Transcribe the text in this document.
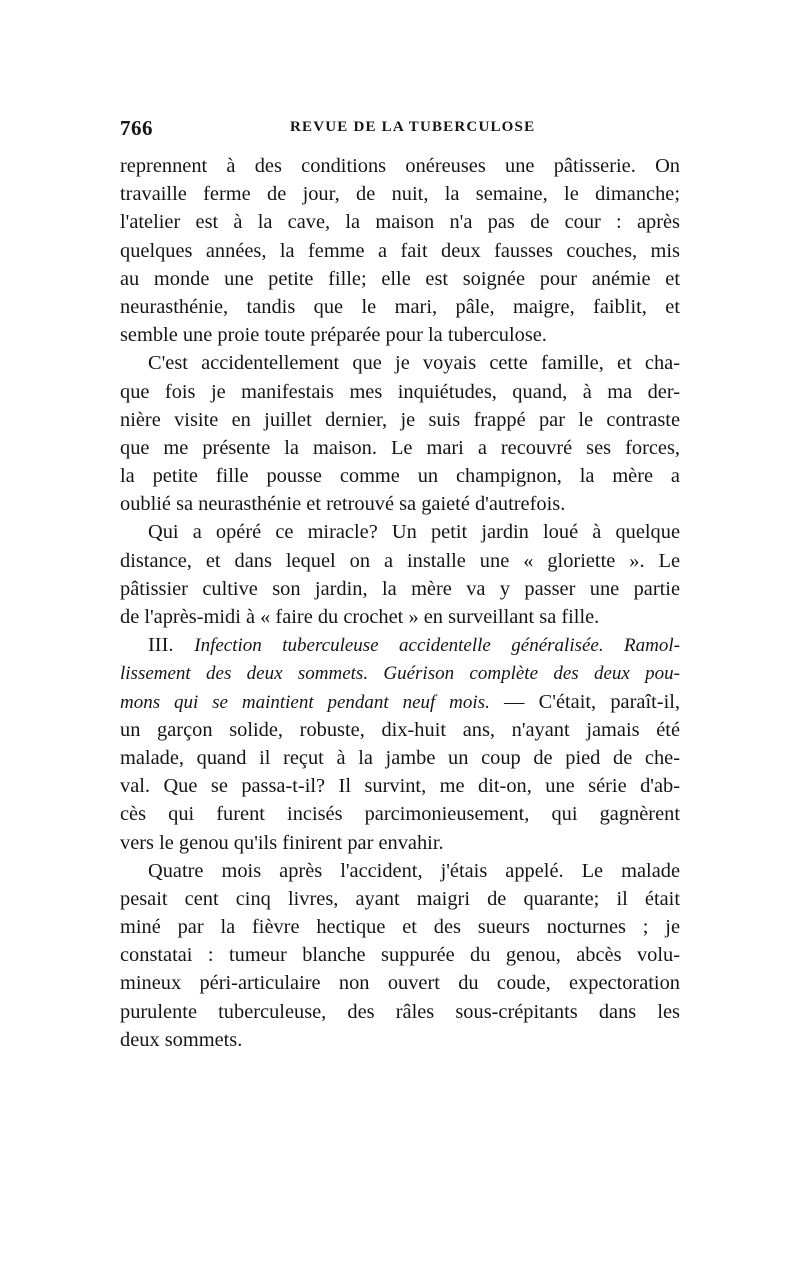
766	REVUE DE LA TUBERCULOSE
reprennent à des conditions onéreuses une pâtisserie. On
travaille ferme de jour, de nuit, la semaine, le dimanche;
l'atelier est à la cave, la maison n'a pas de cour : après
quelques années, la femme a fait deux fausses couches, mis
au monde une petite fille; elle est soignée pour anémie et
neurasthénie, tandis que le mari, pâle, maigre, faiblit, et
semble une proie toute préparée pour la tuberculose.
C'est accidentellement que je voyais cette famille, et cha-
que fois je manifestais mes inquiétudes, quand, à ma der-
nière visite en juillet dernier, je suis frappé par le contraste
que me présente la maison. Le mari a recouvré ses forces,
la petite fille pousse comme un champignon, la mère a
oublié sa neurasthénie et retrouvé sa gaieté d'autrefois.
Qui a opéré ce miracle? Un petit jardin loué à quelque
distance, et dans lequel on a installe une « gloriette ». Le
pâtissier cultive son jardin, la mère va y passer une partie
de l'après-midi à « faire du crochet » en surveillant sa fille.
III. Infection tuberculeuse accidentelle généralisée. Ramol-
lissement des deux sommets. Guérison complète des deux pou-
mons qui se maintient pendant neuf mois. — C'était, paraît-il,
un garçon solide, robuste, dix-huit ans, n'ayant jamais été
malade, quand il reçut à la jambe un coup de pied de che-
val. Que se passa-t-il? Il survint, me dit-on, une série d'ab-
cès qui furent incisés parcimonieusement, qui gagnèrent
vers le genou qu'ils finirent par envahir.
Quatre mois après l'accident, j'étais appelé. Le malade
pesait cent cinq livres, ayant maigri de quarante; il était
miné par la fièvre hectique et des sueurs nocturnes ; je
constatai : tumeur blanche suppurée du genou, abcès volu-
mineux péri-articulaire non ouvert du coude, expectoration
purulente tuberculeuse, des râles sous-crépitants dans les
deux sommets.
